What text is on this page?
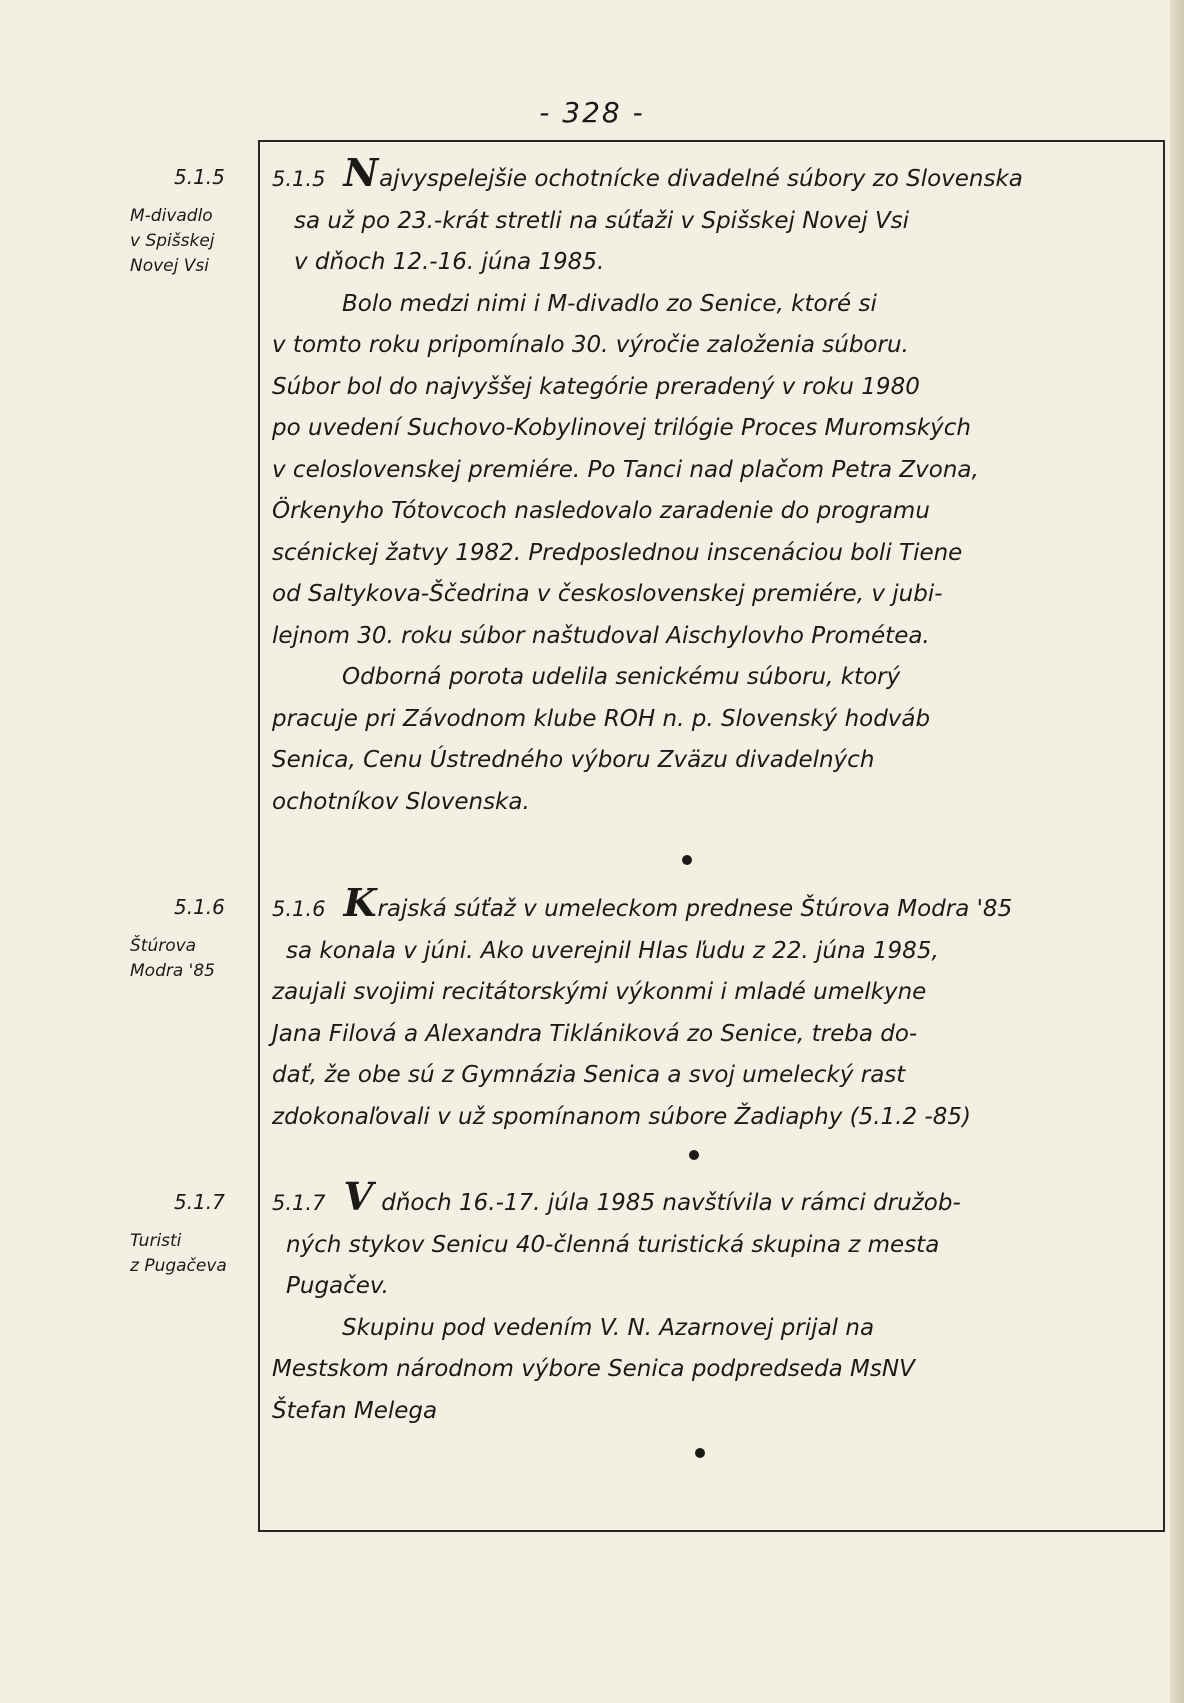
- 328 -
5.1.5
M-divadlo
v Spišskej
Novej Vsi
5.1.5 Najvyspelejšie ochotnícke divadelné súbory zo Slovenska
sa už po 23.-krát stretli na súťaži v Spišskej Novej Vsi
v dňoch 12.-16. júna 1985.
Bolo medzi nimi i M-divadlo zo Senice, ktoré si
v tomto roku pripomínalo 30. výročie založenia súboru.
Súbor bol do najvyššej kategórie preradený v roku 1980
po uvedení Suchovo-Kobylinovej trilógie Proces Muromských
v celoslovenskej premiére. Po Tanci nad plačom Petra Zvona,
Örkenyho Tótovcoch nasledovalo zaradenie do programu
scénickej žatvy 1982. Predposlednou inscenáciou boli Tiene
od Saltykova-Ščedrina v československej premiére, v jubi-
lejnom 30. roku súbor naštudoval Aischylovho Prométea.
Odborná porota udelila senickému súboru, ktorý
pracuje pri Závodnom klube ROH n. p. Slovenský hodváb
Senica, Cenu Ústredného výboru Zväzu divadelných
ochotníkov Slovenska.
5.1.6
Štúrova
Modra '85
5.1.6 Krajská súťaž v umeleckom prednese Štúrova Modra '85
sa konala v júni. Ako uverejnil Hlas ľudu z 22. júna 1985,
zaujali svojimi recitátorskými výkonmi i mladé umelkyne
Jana Filová a Alexandra Tiklániková zo Senice, treba do-
dať, že obe sú z Gymnázia Senica a svoj umelecký rast
zdokonaľovali v už spomínanom súbore Žadiaphy (5.1.2 -85)
5.1.7
Turisti
z Pugačeva
5.1.7 V dňoch 16.-17. júla 1985 navštívila v rámci družob-
ných stykov Senicu 40-členná turistická skupina z mesta
Pugačev.
Skupinu pod vedením V. N. Azarnovej prijal na
Mestskom národnom výbore Senica podpredseda MsNV
Štefan Melega
